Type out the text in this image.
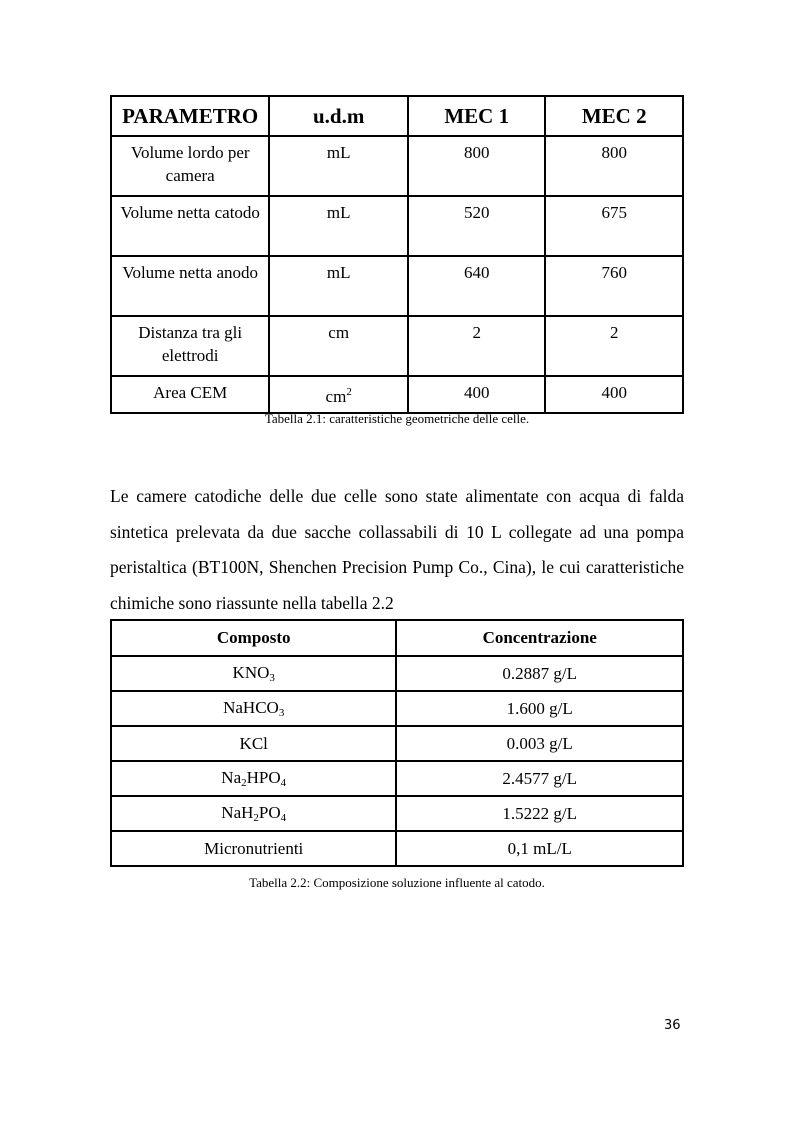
PARAMETRO	u.d.m	MEC 1	MEC 2
Volume lordo per camera	mL	800	800
Volume netta catodo	mL	520	675
Volume netta anodo	mL	640	760
Distanza tra gli elettrodi	cm	2	2
Area CEM	$cm^2$	400	400
Tabella 2.1: caratteristiche geometriche delle celle.

Le camere catodiche delle due celle sono state alimentate con acqua di falda sintetica prelevata da due sacche collassabili di 10 L collegate ad una pompa peristaltica (BT100N, Shenchen Precision Pump Co., Cina), le cui caratteristiche chimiche sono riassunte nella tabella 2.2

Composto	Concentrazione
$KNO_3$	0.2887 g/L
NaHCO$_3$	1.600 g/L
KCl	0.003 g/L
$Na_2HPO_4$	2.4577 g/L
$NaH_2PO_4$	1.5222 g/L
Micronutrienti	0,1 mL/L
Tabella 2.2: Composizione soluzione influente al catodo.
36
